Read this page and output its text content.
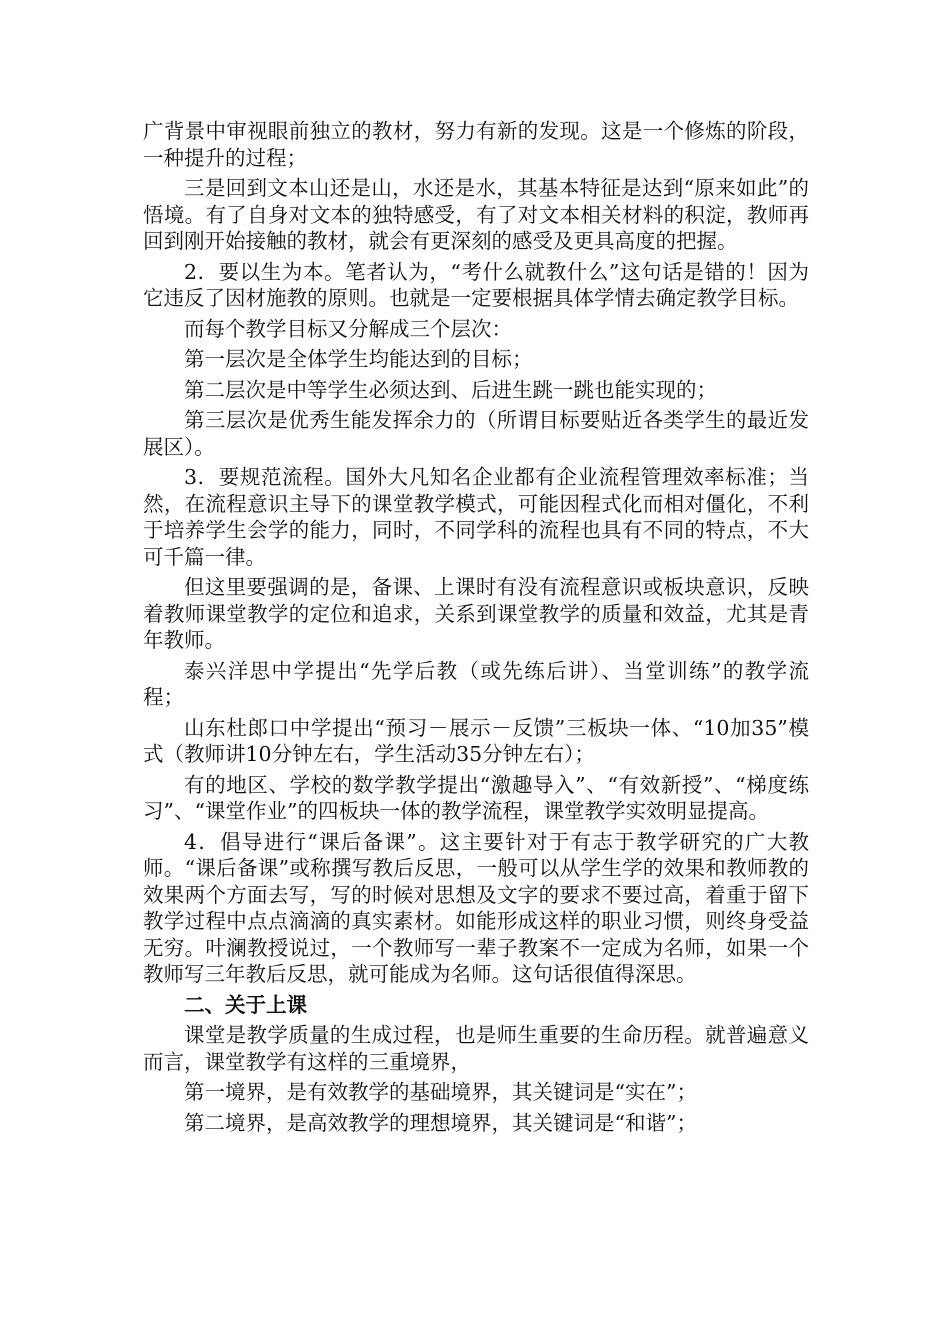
广背景中审视眼前独立的教材，努力有新的发现。这是一个修炼的阶段，一种提升的过程；

三是回到文本山还是山，水还是水，其基本特征是达到“原来如此”的悟境。有了自身对文本的独特感受，有了对文本相关材料的积淀，教师再回到刚开始接触的教材，就会有更深刻的感受及更具高度的把握。

2．要以生为本。笔者认为，“考什么就教什么”这句话是错的！因为它违反了因材施教的原则。也就是一定要根据具体学情去确定教学目标。

而每个教学目标又分解成三个层次：

第一层次是全体学生均能达到的目标；

第二层次是中等学生必须达到、后进生跳一跳也能实现的；

第三层次是优秀生能发挥余力的（所谓目标要贴近各类学生的最近发展区）。

3．要规范流程。国外大凡知名企业都有企业流程管理效率标准；当然，在流程意识主导下的课堂教学模式，可能因程式化而相对僵化，不利于培养学生会学的能力，同时，不同学科的流程也具有不同的特点，不大可千篇一律。

但这里要强调的是，备课、上课时有没有流程意识或板块意识，反映着教师课堂教学的定位和追求，关系到课堂教学的质量和效益，尤其是青年教师。

泰兴洋思中学提出“先学后教（或先练后讲）、当堂训练”的教学流程；

山东杜郎口中学提出“预习－展示－反馈”三板块一体、“10加35”模式（教师讲10分钟左右，学生活动35分钟左右）；

有的地区、学校的数学教学提出“激趣导入”、“有效新授”、“梯度练习”、“课堂作业”的四板块一体的教学流程，课堂教学实效明显提高。

4．倡导进行“课后备课”。这主要针对于有志于教学研究的广大教师。“课后备课”或称撰写教后反思，一般可以从学生学的效果和教师教的效果两个方面去写，写的时候对思想及文字的要求不要过高，着重于留下教学过程中点点滴滴的真实素材。如能形成这样的职业习惯，则终身受益无穷。叶澜教授说过，一个教师写一辈子教案不一定成为名师，如果一个教师写三年教后反思，就可能成为名师。这句话很值得深思。

二、关于上课

课堂是教学质量的生成过程，也是师生重要的生命历程。就普遍意义而言，课堂教学有这样的三重境界，

第一境界，是有效教学的基础境界，其关键词是“实在”；

第二境界，是高效教学的理想境界，其关键词是“和谐”；
